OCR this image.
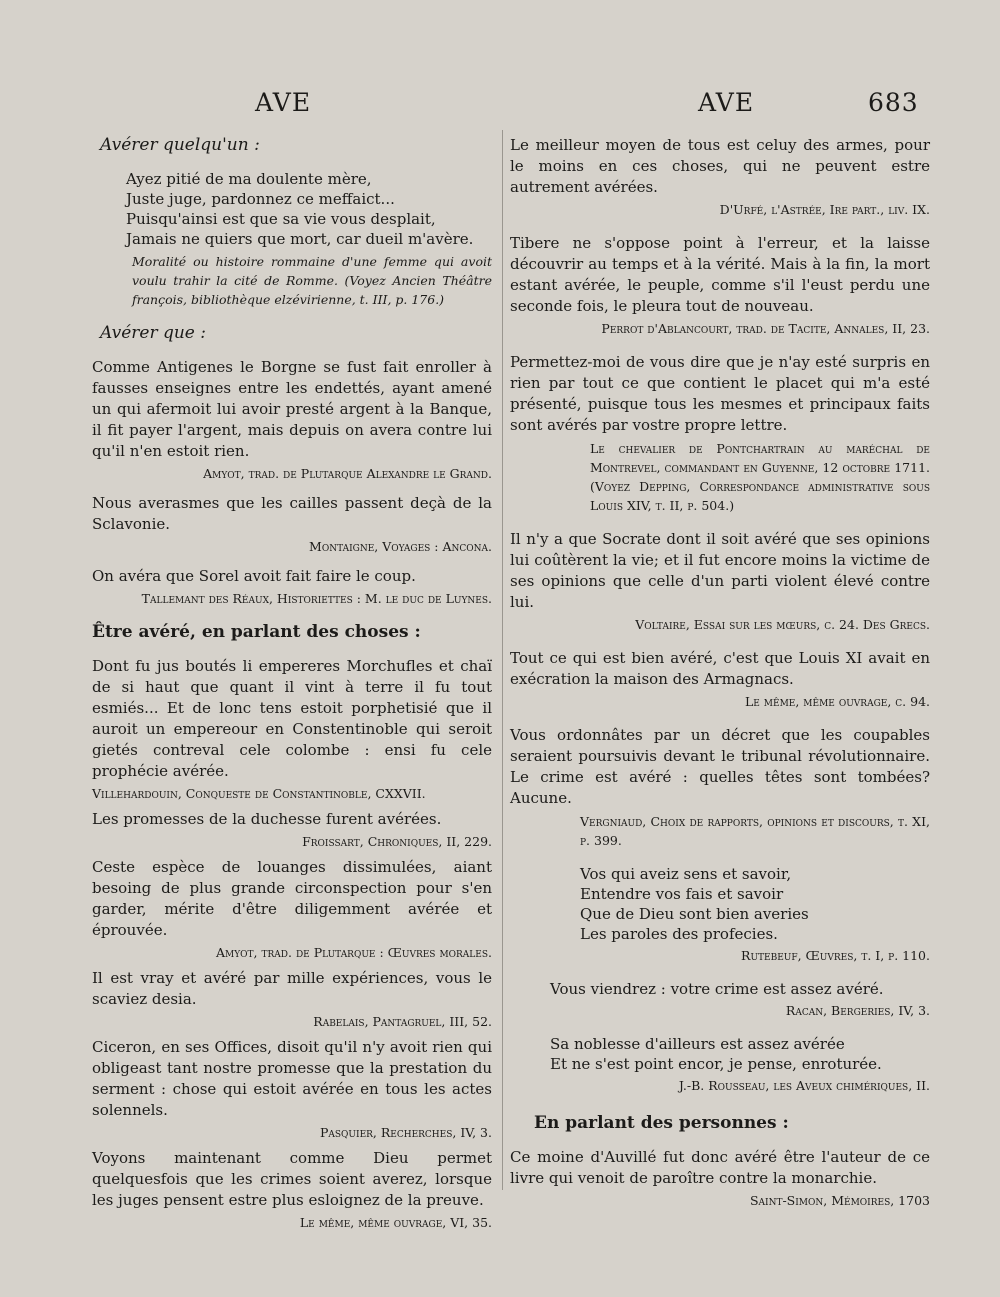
AVE	AVE	683

Avérer quelqu'un :

Ayez pitié de ma doulente mère,
Juste juge, pardonnez ce meffaict...
Puisqu'ainsi est que sa vie vous desplait,
Jamais ne quiers que mort, car dueil m'avère.

Moralité ou histoire rommaine d'une femme qui avoit voulu trahir la cité de Romme. (Voyez Ancien Théâtre françois, bibliothèque elzévirienne, t. III, p. 176.)

Avérer que :

Comme Antigenes le Borgne se fust fait enroller à fausses enseignes entre les endettés, ayant amené un qui afermoit lui avoir presté argent à la Banque, il fit payer l'argent, mais depuis on avera contre lui qu'il n'en estoit rien.

Amyot, trad. de Plutarque Alexandre le Grand.

Nous averasmes que les cailles passent deçà de la Sclavonie.

Montaigne, Voyages : Ancona.

On avéra que Sorel avoit fait faire le coup.

Tallemant des Réaux, Historiettes : M. le duc de Luynes.

Être avéré, en parlant des choses :

Dont fu jus boutés li empereres Morchufles et chaï de si haut que quant il vint à terre il fu tout esmiés... Et de lonc tens estoit porphetisié que il auroit un empereour en Constentinoble qui seroit gietés contreval cele colombe : ensi fu cele prophécie avérée.

Villehardouin, Conqueste de Constantinoble, CXXVII.

Les promesses de la duchesse furent avérées.

Froissart, Chroniques, II, 229.

Ceste espèce de louanges dissimulées, aiant besoing de plus grande circonspection pour s'en garder, mérite d'être diligemment avérée et éprouvée.

Amyot, trad. de Plutarque : Œuvres morales.

Il est vray et avéré par mille expériences, vous le scaviez desia.

Rabelais, Pantagruel, III, 52.

Ciceron, en ses Offices, disoit qu'il n'y avoit rien qui obligeast tant nostre promesse que la prestation du serment : chose qui estoit avérée en tous les actes solennels.

Pasquier, Recherches, IV, 3.

Voyons maintenant comme Dieu permet quelquesfois que les crimes soient averez, lorsque les juges pensent estre plus esloignez de la preuve.

Le même, même ouvrage, VI, 35.

Le meilleur moyen de tous est celuy des armes, pour le moins en ces choses, qui ne peuvent estre autrement avérées.

D'Urfé, l'Astrée, Ire part., liv. IX.

Tibere ne s'oppose point à l'erreur, et la laisse découvrir au temps et à la vérité. Mais à la fin, la mort estant avérée, le peuple, comme s'il l'eust perdu une seconde fois, le pleura tout de nouveau.

Perrot d'Ablancourt, trad. de Tacite, Annales, II, 23.

Permettez-moi de vous dire que je n'ay esté surpris en rien par tout ce que contient le placet qui m'a esté présenté, puisque tous les mesmes et principaux faits sont avérés par vostre propre lettre.

Le chevalier de Pontchartrain au maréchal de Montrevel, commandant en Guyenne, 12 octobre 1711. (Voyez Depping, Correspondance administrative sous Louis XIV, t. II, p. 504.)

Il n'y a que Socrate dont il soit avéré que ses opinions lui coûtèrent la vie; et il fut encore moins la victime de ses opinions que celle d'un parti violent élevé contre lui.

Voltaire, Essai sur les mœurs, c. 24. Des Grecs.

Tout ce qui est bien avéré, c'est que Louis XI avait en exécration la maison des Armagnacs.

Le même, même ouvrage, c. 94.

Vous ordonnâtes par un décret que les coupables seraient poursuivis devant le tribunal révolutionnaire. Le crime est avéré : quelles têtes sont tombées? Aucune.

Vergniaud, Choix de rapports, opinions et discours, t. XI, p. 399.

Vos qui aveiz sens et savoir,
Entendre vos fais et savoir
Que de Dieu sont bien averies
Les paroles des profecies.

Rutebeuf, Œuvres, t. I, p. 110.

Vous viendrez : votre crime est assez avéré.

Racan, Bergeries, IV, 3.

Sa noblesse d'ailleurs est assez avérée
Et ne s'est point encor, je pense, enroturée.

J.-B. Rousseau, les Aveux chimériques, II.

En parlant des personnes :

Ce moine d'Auvillé fut donc avéré être l'auteur de ce livre qui venoit de paroître contre la monarchie.

Saint-Simon, Mémoires, 1703
